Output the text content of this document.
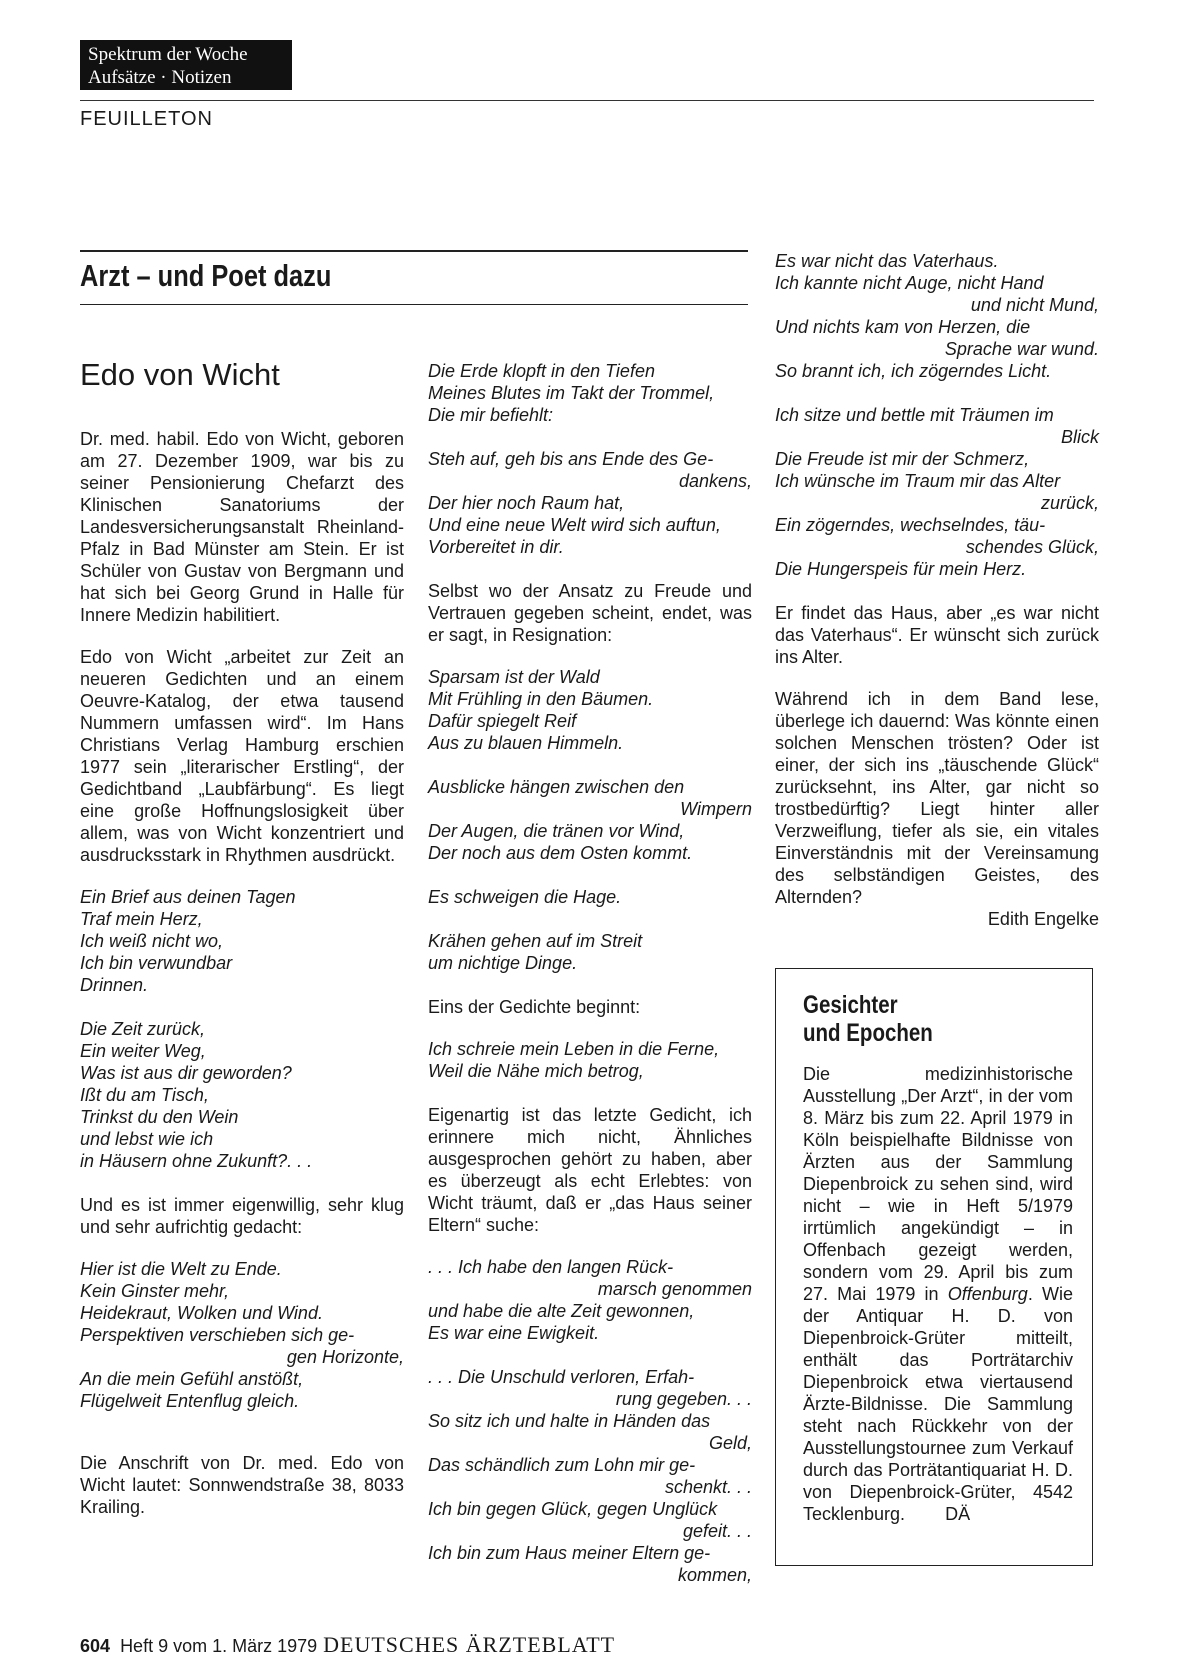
Spektrum der Woche
Aufsätze · Notizen
FEUILLETON
Arzt – und Poet dazu
Edo von Wicht

Dr. med. habil. Edo von Wicht, geboren am 27. Dezember 1909, war bis zu seiner Pensionierung Chefarzt des Klinischen Sanatoriums der Landesversicherungsanstalt Rheinland-Pfalz in Bad Münster am Stein. Er ist Schüler von Gustav von Bergmann und hat sich bei Georg Grund in Halle für Innere Medizin habilitiert.

Edo von Wicht „arbeitet zur Zeit an neueren Gedichten und an einem Oeuvre-Katalog, der etwa tausend Nummern umfassen wird“. Im Hans Christians Verlag Hamburg erschien 1977 sein „literarischer Erstling“, der Gedichtband „Laubfärbung“. Es liegt eine große Hoffnungslosigkeit über allem, was von Wicht konzentriert und ausdrucksstark in Rhythmen ausdrückt.

Ein Brief aus deinen Tagen
Traf mein Herz,
Ich weiß nicht wo,
Ich bin verwundbar
Drinnen.
Die Zeit zurück,
Ein weiter Weg,
Was ist aus dir geworden?
Ißt du am Tisch,
Trinkst du den Wein
und lebst wie ich
in Häusern ohne Zukunft?. . .

Und es ist immer eigenwillig, sehr klug und sehr aufrichtig gedacht:

Hier ist die Welt zu Ende.
Kein Ginster mehr,
Heidekraut, Wolken und Wind.
Perspektiven verschieben sich ge-
gen Horizonte,
An die mein Gefühl anstößt,
Flügelweit Entenflug gleich.

Die Anschrift von Dr. med. Edo von Wicht lautet: Sonnwendstraße 38, 8033 Krailing.

Die Erde klopft in den Tiefen
Meines Blutes im Takt der Trommel,
Die mir befiehlt:
Steh auf, geh bis ans Ende des Ge-
dankens,
Der hier noch Raum hat,
Und eine neue Welt wird sich auftun,
Vorbereitet in dir.

Selbst wo der Ansatz zu Freude und Vertrauen gegeben scheint, endet, was er sagt, in Resignation:

Sparsam ist der Wald
Mit Frühling in den Bäumen.
Dafür spiegelt Reif
Aus zu blauen Himmeln.
Ausblicke hängen zwischen den
Wimpern
Der Augen, die tränen vor Wind,
Der noch aus dem Osten kommt.
Es schweigen die Hage.
Krähen gehen auf im Streit
um nichtige Dinge.

Eins der Gedichte beginnt:

Ich schreie mein Leben in die Ferne,
Weil die Nähe mich betrog,

Eigenartig ist das letzte Gedicht, ich erinnere mich nicht, Ähnliches ausgesprochen gehört zu haben, aber es überzeugt als echt Erlebtes: von Wicht träumt, daß er „das Haus seiner Eltern“ suche:

. . . Ich habe den langen Rück-
marsch genommen
und habe die alte Zeit gewonnen,
Es war eine Ewigkeit.
. . . Die Unschuld verloren, Erfah-
rung gegeben. . .
So sitz ich und halte in Händen das
Geld,
Das schändlich zum Lohn mir ge-
schenkt. . .
Ich bin gegen Glück, gegen Unglück
gefeit. . .
Ich bin zum Haus meiner Eltern ge-
kommen,
Es war nicht das Vaterhaus.
Ich kannte nicht Auge, nicht Hand
und nicht Mund,
Und nichts kam von Herzen, die
Sprache war wund.
So brannt ich, ich zögerndes Licht.
Ich sitze und bettle mit Träumen im
Blick
Die Freude ist mir der Schmerz,
Ich wünsche im Traum mir das Alter
zurück,
Ein zögerndes, wechselndes, täu-
schendes Glück,
Die Hungerspeis für mein Herz.

Er findet das Haus, aber „es war nicht das Vaterhaus“. Er wünscht sich zurück ins Alter.

Während ich in dem Band lese, überlege ich dauernd: Was könnte einen solchen Menschen trösten? Oder ist einer, der sich ins „täuschende Glück“ zurücksehnt, ins Alter, gar nicht so trostbedürftig? Liegt hinter aller Verzweiflung, tiefer als sie, ein vitales Einverständnis mit der Vereinsamung des selbständigen Geistes, des Alternden?

Edith Engelke
Gesichter
und Epochen
Die medizinhistorische Ausstellung „Der Arzt“, in der vom 8. März bis zum 22. April 1979 in Köln beispielhafte Bildnisse von Ärzten aus der Sammlung Diepenbroick zu sehen sind, wird nicht – wie in Heft 5/1979 irrtümlich angekündigt – in Offenbach gezeigt werden, sondern vom 29. April bis zum 27. Mai 1979 in Offenburg. Wie der Antiquar H. D. von Diepenbroick-Grüter mitteilt, enthält das Porträtarchiv Diepenbroick etwa viertausend Ärzte-Bildnisse. Die Sammlung steht nach Rückkehr von der Ausstellungstournee zum Verkauf durch das Porträtantiquariat H. D. von Diepenbroick-Grüter, 4542 Tecklenburg. DÄ
604 Heft 9 vom 1. März 1979 DEUTSCHES ÄRZTEBLATT
